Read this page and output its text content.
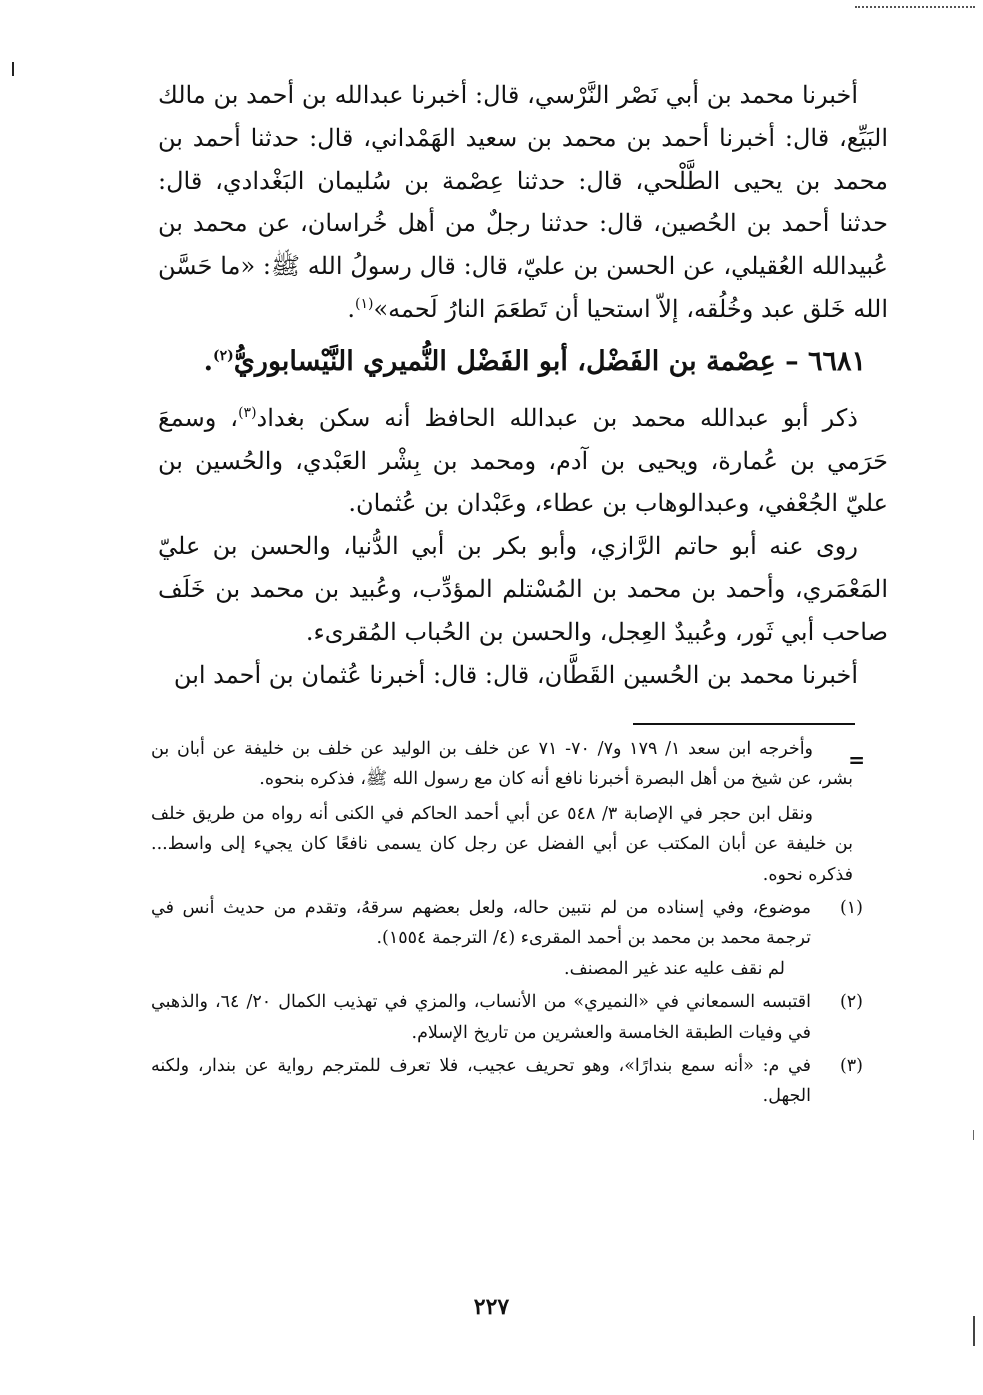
أخبرنا محمد بن أبي نَصْر النَّرْسي، قال: أخبرنا عبدالله بن أحمد بن مالك البَيِّع، قال: أخبرنا أحمد بن محمد بن سعيد الهَمْداني، قال: حدثنا أحمد بن محمد بن يحيى الطَّلْحي، قال: حدثنا عِصْمة بن سُليمان البَغْدادي، قال: حدثنا أحمد بن الحُصين، قال: حدثنا رجلٌ من أهل خُراسان، عن محمد بن عُبيدالله العُقيلي، عن الحسن بن عليّ، قال: قال رسولُ الله ﷺ: «ما حَسَّن الله خَلق عبد وخُلُقه، إلاّ استحيا أن تَطعَمَ النارُ لَحمه»$^{(١)}$.

٦٦٨١ – عِصْمة بن الفَضْل، أبو الفَضْل النُّميري النَّيْسابوريُّ$^{(٢)}$.

ذكر أبو عبدالله محمد بن عبدالله الحافظ أنه سكن بغداد$^{(٣)}$، وسمعَ حَرَمي بن عُمارة، ويحيى بن آدم، ومحمد بن بِشْر العَبْدي، والحُسين بن عليّ الجُعْفي، وعبدالوهاب بن عطاء، وعَبْدان بن عُثمان.

روى عنه أبو حاتم الرَّازي، وأبو بكر بن أبي الدُّنيا، والحسن بن عليّ المَعْمَري، وأحمد بن محمد بن المُسْتلم المؤدِّب، وعُبيد بن محمد بن خَلَف صاحب أبي ثَور، وعُبيدٌ العِجل، والحسن بن الحُباب المُقرىء.

أخبرنا محمد بن الحُسين القَطَّان، قال: قال: أخبرنا عُثمان بن أحمد ابن

=

وأخرجه ابن سعد ١/ ١٧٩ و٧/ ٧٠- ٧١ عن خلف بن الوليد عن خلف بن خليفة عن أبان بن بشر، عن شيخ من أهل البصرة أخبرنا نافع أنه كان مع رسول الله ﷺ، فذكره بنحوه.

ونقل ابن حجر في الإصابة ٣/ ٥٤٨ عن أبي أحمد الحاكم في الكنى أنه رواه من طريق خلف بن خليفة عن أبان المكتب عن أبي الفضل عن رجل كان يسمى نافعًا كان يجيء إلى واسط... فذكره نحوه.

(١)
موضوع، وفي إسناده من لم نتبين حاله، ولعل بعضهم سرقهُ، وتقدم من حديث أنس في ترجمة محمد بن محمد بن أحمد المقرىء (٤/ الترجمة ١٥٥٤).
لم نقف عليه عند غير المصنف.
(٢)
اقتبسه السمعاني في «النميري» من الأنساب، والمزي في تهذيب الكمال ٢٠/ ٦٤، والذهبي في وفيات الطبقة الخامسة والعشرين من تاريخ الإسلام.
(٣)
في م: «أنه سمع بندارًا»، وهو تحريف عجيب، فلا تعرف للمترجم رواية عن بندار، ولكنه الجهل.
٢٢٧
